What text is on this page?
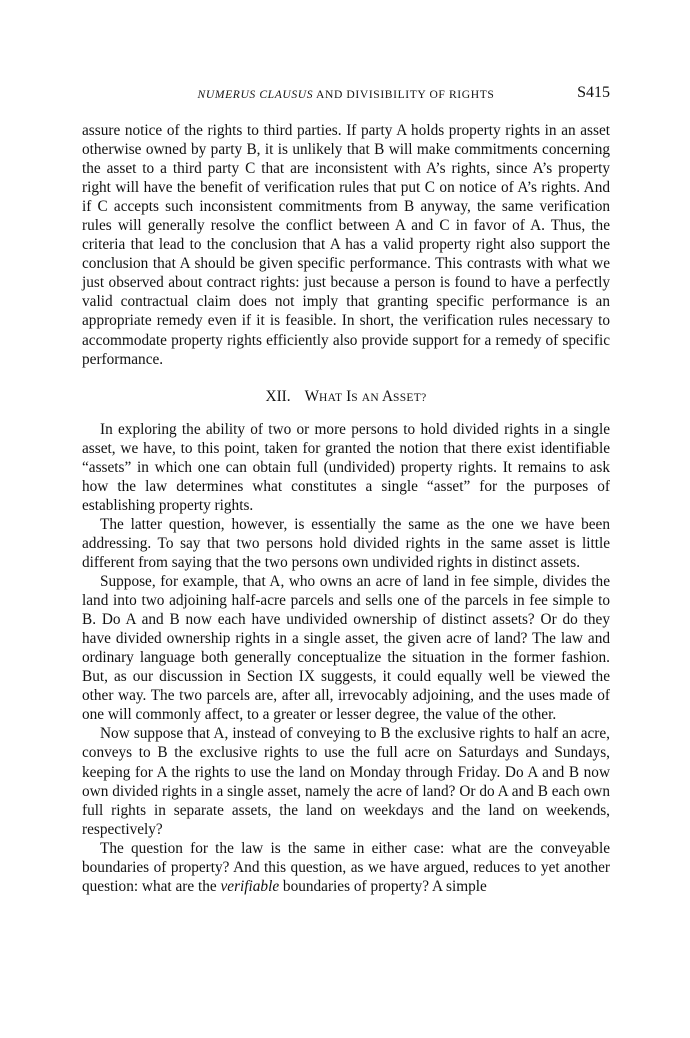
NUMERUS CLAUSUS AND DIVISIBILITY OF RIGHTS	S415

assure notice of the rights to third parties. If party A holds property rights in an asset otherwise owned by party B, it is unlikely that B will make commitments concerning the asset to a third party C that are inconsistent with A’s rights, since A’s property right will have the benefit of verification rules that put C on notice of A’s rights. And if C accepts such inconsistent commitments from B anyway, the same verification rules will generally resolve the conflict between A and C in favor of A. Thus, the criteria that lead to the conclusion that A has a valid property right also support the conclusion that A should be given specific performance. This contrasts with what we just observed about contract rights: just because a person is found to have a perfectly valid contractual claim does not imply that granting specific performance is an appropriate remedy even if it is feasible. In short, the verification rules necessary to accommodate property rights efficiently also provide support for a remedy of specific performance.

XII. WHAT IS AN ASSET?

In exploring the ability of two or more persons to hold divided rights in a single asset, we have, to this point, taken for granted the notion that there exist identifiable “assets” in which one can obtain full (undivided) property rights. It remains to ask how the law determines what constitutes a single “asset” for the purposes of establishing property rights.

The latter question, however, is essentially the same as the one we have been addressing. To say that two persons hold divided rights in the same asset is little different from saying that the two persons own undivided rights in distinct assets.

Suppose, for example, that A, who owns an acre of land in fee simple, divides the land into two adjoining half-acre parcels and sells one of the parcels in fee simple to B. Do A and B now each have undivided ownership of distinct assets? Or do they have divided ownership rights in a single asset, the given acre of land? The law and ordinary language both generally conceptualize the situation in the former fashion. But, as our discussion in Section IX suggests, it could equally well be viewed the other way. The two parcels are, after all, irrevocably adjoining, and the uses made of one will commonly affect, to a greater or lesser degree, the value of the other.

Now suppose that A, instead of conveying to B the exclusive rights to half an acre, conveys to B the exclusive rights to use the full acre on Saturdays and Sundays, keeping for A the rights to use the land on Monday through Friday. Do A and B now own divided rights in a single asset, namely the acre of land? Or do A and B each own full rights in separate assets, the land on weekdays and the land on weekends, respectively?

The question for the law is the same in either case: what are the conveyable boundaries of property? And this question, as we have argued, reduces to yet another question: what are the verifiable boundaries of property? A simple
